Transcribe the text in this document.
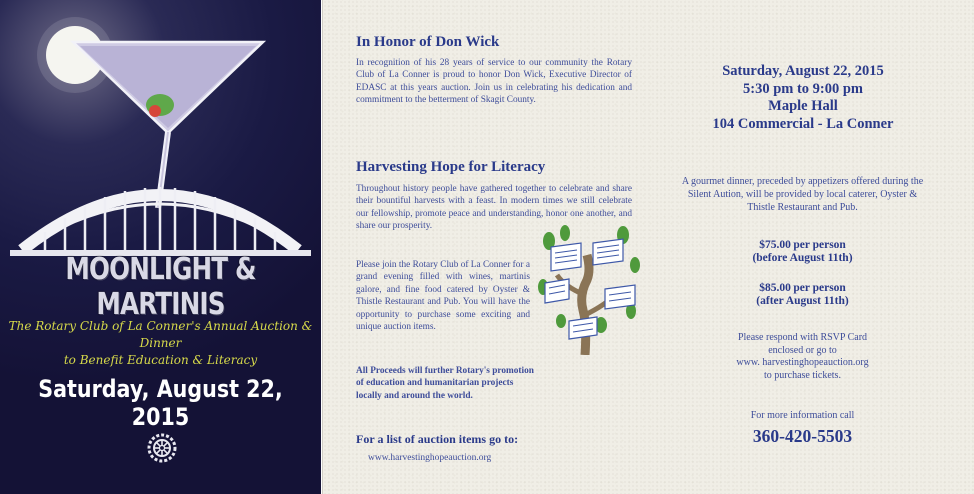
MOONLIGHT & MARTINIS
The Rotary Club of La Conner's Annual Auction & Dinner
to Benefit Education & Literacy
Saturday, August 22, 2015
In Honor of Don Wick
In recognition of his 28 years of service to our community the Rotary Club of La Conner is proud to honor Don Wick, Executive Director of EDASC at this years auction. Join us in celebrating his dedication and commitment to the betterment of Skagit County.
Harvesting Hope for Literacy
Throughout history people have gathered together to celebrate and share their bountiful harvests with a feast. In modern times we still celebrate our fellowship, promote peace and understanding, honor one another, and share our prosperity.
Please join the Rotary Club of La Conner for a grand evening filled with wines, martinis galore, and fine food catered by Oyster & Thistle Restaurant and Pub. You will have the opportunity to purchase some exciting and unique auction items.
All Proceeds will further Rotary's promotion of education and humanitarian projects locally and around the world.
For a list of auction items go to:
www.harvestinghopeauction.org
Saturday, August 22, 2015
5:30 pm to 9:00 pm
Maple Hall
104 Commercial - La Conner
A gourmet dinner, preceded by appetizers offered during the Silent Aution, will be provided by local caterer, Oyster & Thistle Restaurant and Pub.
$75.00 per person
(before August 11th)
$85.00 per person
(after August 11th)
Please respond with RSVP Card
enclosed or go to
www. harvestinghopeauction.org
to purchase tickets.
For more information call
360-420-5503
